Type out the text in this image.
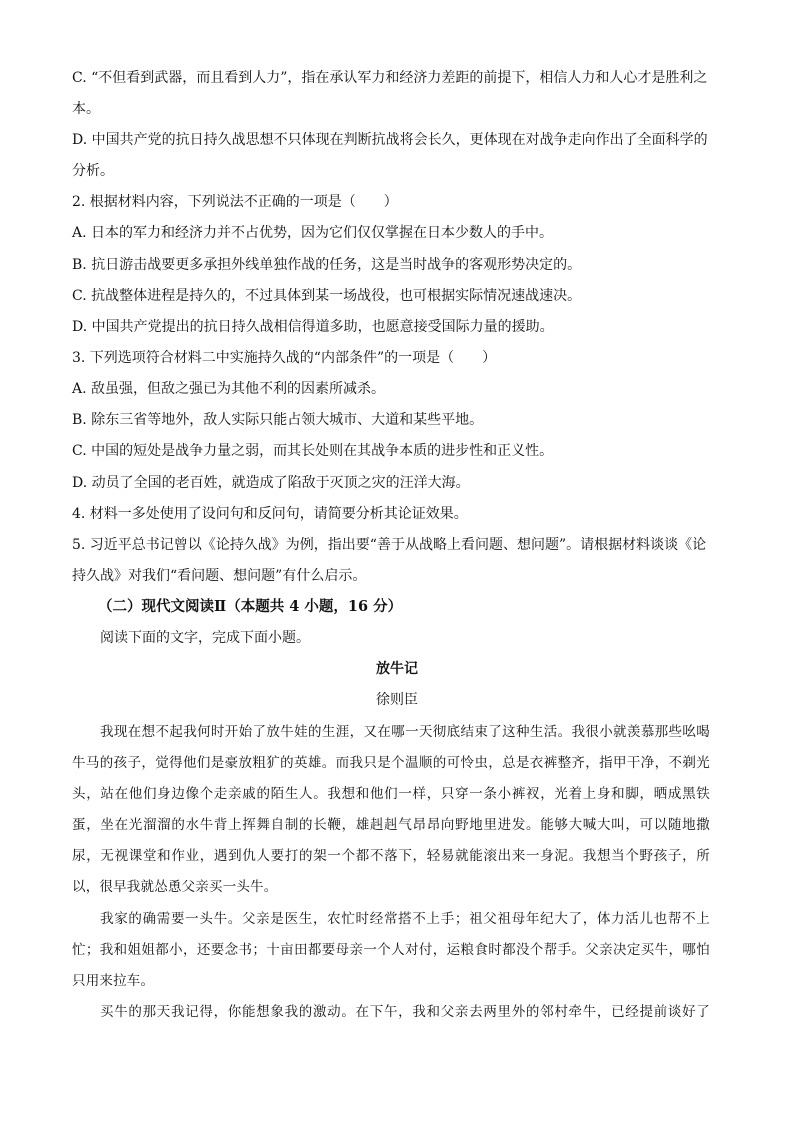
C. “不但看到武器，而且看到人力”，指在承认军力和经济力差距的前提下，相信人力和人心才是胜利之
本。
D. 中国共产党的抗日持久战思想不只体现在判断抗战将会长久，更体现在对战争走向作出了全面科学的
分析。
2. 根据材料内容，下列说法不正确的一项是（　　）
A. 日本的军力和经济力并不占优势，因为它们仅仅掌握在日本少数人的手中。
B. 抗日游击战要更多承担外线单独作战的任务，这是当时战争的客观形势决定的。
C. 抗战整体进程是持久的，不过具体到某一场战役，也可根据实际情况速战速决。
D. 中国共产党提出的抗日持久战相信得道多助，也愿意接受国际力量的援助。
3. 下列选项符合材料二中实施持久战的“内部条件”的一项是（　　）
A. 敌虽强，但敌之强已为其他不利的因素所减杀。
B. 除东三省等地外，敌人实际只能占领大城市、大道和某些平地。
C. 中国的短处是战争力量之弱，而其长处则在其战争本质的进步性和正义性。
D. 动员了全国的老百姓，就造成了陷敌于灭顶之灾的汪洋大海。
4. 材料一多处使用了设问句和反问句，请简要分析其论证效果。
5. 习近平总书记曾以《论持久战》为例，指出要“善于从战略上看问题、想问题”。请根据材料谈谈《论
持久战》对我们“看问题、想问题”有什么启示。
（二）现代文阅读Ⅱ（本题共 4 小题，16 分）
阅读下面的文字，完成下面小题。
放牛记
徐则臣
我现在想不起我何时开始了放牛娃的生涯，又在哪一天彻底结束了这种生活。我很小就羡慕那些吆喝
牛马的孩子，觉得他们是豪放粗犷的英雄。而我只是个温顺的可怜虫，总是衣裤整齐，指甲干净，不剃光
头，站在他们身边像个走亲戚的陌生人。我想和他们一样，只穿一条小裤衩，光着上身和脚，晒成黑铁
蛋，坐在光溜溜的水牛背上挥舞自制的长鞭，雄赳赳气昂昂向野地里进发。能够大喊大叫，可以随地撒
尿，无视课堂和作业，遇到仇人要打的架一个都不落下，轻易就能滚出来一身泥。我想当个野孩子，所
以，很早我就怂恿父亲买一头牛。
我家的确需要一头牛。父亲是医生，农忙时经常搭不上手；祖父祖母年纪大了，体力活儿也帮不上
忙；我和姐姐都小，还要念书；十亩田都要母亲一个人对付，运粮食时都没个帮手。父亲决定买牛，哪怕
只用来拉车。
买牛的那天我记得，你能想象我的激动。在下午，我和父亲去两里外的邻村牵牛，已经提前谈好了
